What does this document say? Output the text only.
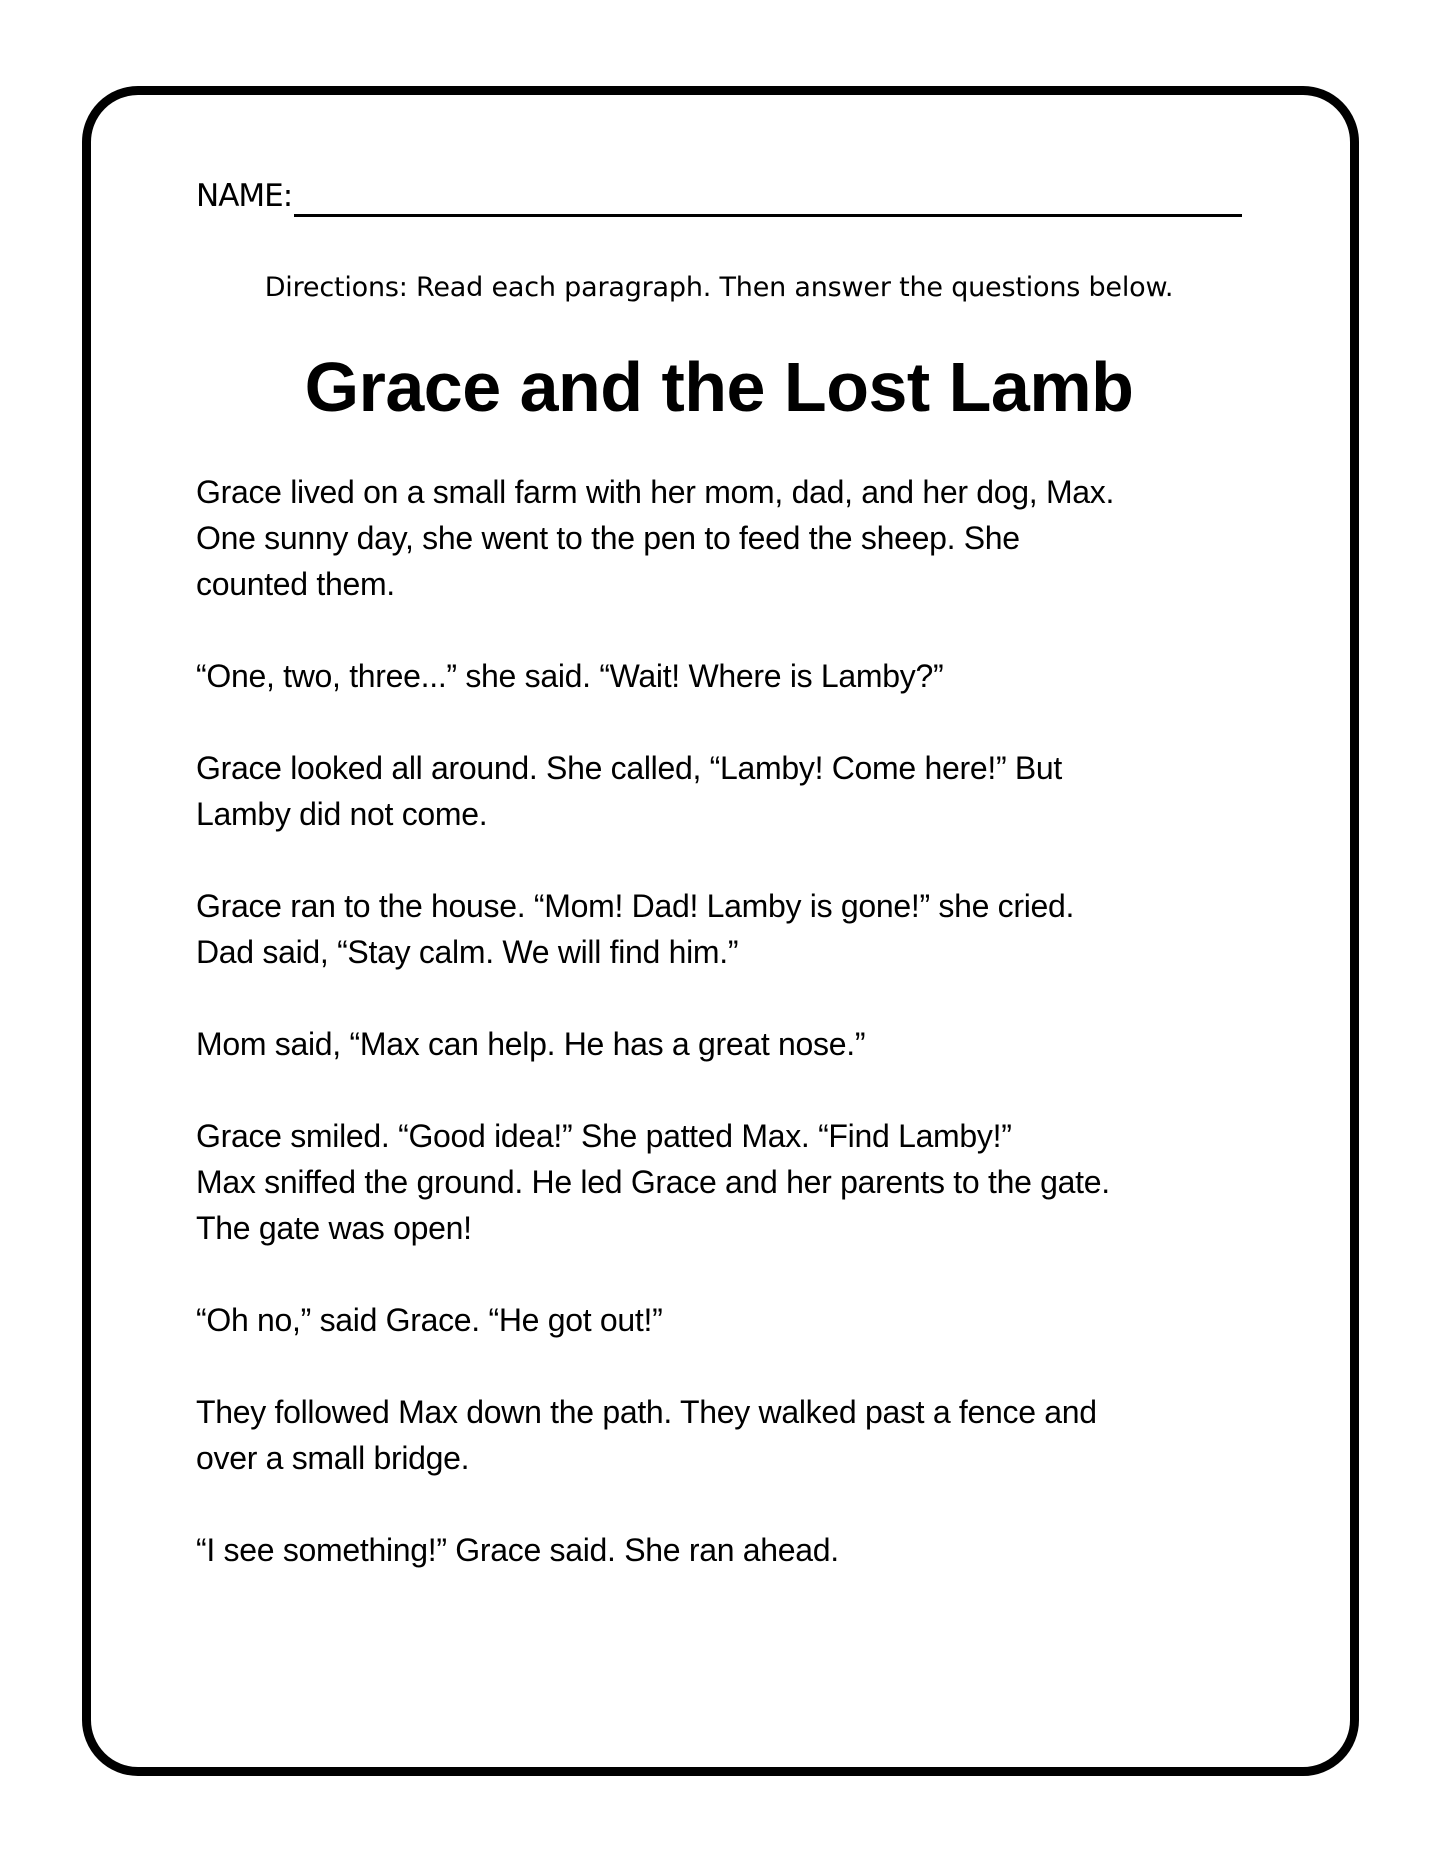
NAME:
Directions: Read each paragraph. Then answer the questions below.
Grace and the Lost Lamb

Grace lived on a small farm with her mom, dad, and her dog, Max.
One sunny day, she went to the pen to feed the sheep. She
counted them.

“One, two, three...” she said. “Wait! Where is Lamby?”

Grace looked all around. She called, “Lamby! Come here!” But
Lamby did not come.

Grace ran to the house. “Mom! Dad! Lamby is gone!” she cried.
Dad said, “Stay calm. We will find him.”

Mom said, “Max can help. He has a great nose.”

Grace smiled. “Good idea!” She patted Max. “Find Lamby!”
Max sniffed the ground. He led Grace and her parents to the gate.
The gate was open!

“Oh no,” said Grace. “He got out!”

They followed Max down the path. They walked past a fence and
over a small bridge.

“I see something!” Grace said. She ran ahead.
